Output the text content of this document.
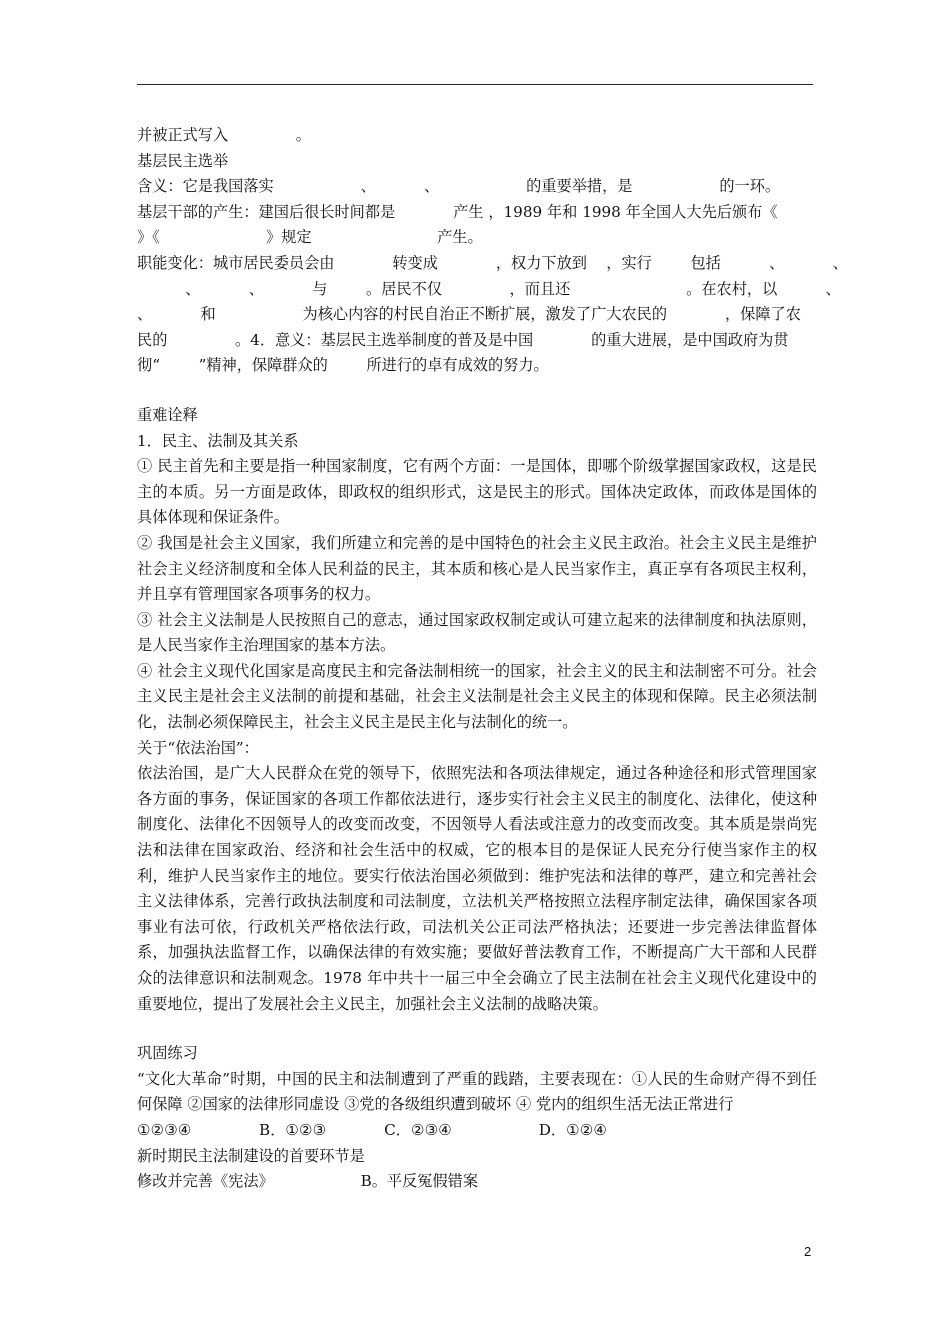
并被正式写入              。
基层民主选举
含义：它是我国落实                  、          、                  的重要举措，是                  的一环。
基层干部的产生：建国后很长时间都是            产生 ，1989 年和 1998 年全国人大先后颁布《
》《                      》规定                          产生。
职能变化：城市居民委员会由            转变成            ，权力下放到    ，实行        包括          、          、
、          、          与        。居民不仅              ，而且还                        。在农村，以          、
、          和                  为核心内容的村民自治正不断扩展，激发了广大农民的            ，保障了农
民的              。4．意义：基层民主选举制度的普及是中国            的重大进展，是中国政府为贯
彻“        ”精神，保障群众的        所进行的卓有成效的努力。
重难诠释
1．民主、法制及其关系
① 民主首先和主要是指一种国家制度，它有两个方面：一是国体，即哪个阶级掌握国家政权，这是民主的本质。另一方面是政体，即政权的组织形式，这是民主的形式。国体决定政体，而政体是国体的具体体现和保证条件。
② 我国是社会主义国家，我们所建立和完善的是中国特色的社会主义民主政治。社会主义民主是维护社会主义经济制度和全体人民利益的民主，其本质和核心是人民当家作主，真正享有各项民主权利，并且享有管理国家各项事务的权力。
③ 社会主义法制是人民按照自己的意志，通过国家政权制定或认可建立起来的法律制度和执法原则，是人民当家作主治理国家的基本方法。
④ 社会主义现代化国家是高度民主和完备法制相统一的国家，社会主义的民主和法制密不可分。社会主义民主是社会主义法制的前提和基础，社会主义法制是社会主义民主的体现和保障。民主必须法制化，法制必须保障民主，社会主义民主是民主化与法制化的统一。
关于“依法治国”：
依法治国，是广大人民群众在党的领导下，依照宪法和各项法律规定，通过各种途径和形式管理国家各方面的事务，保证国家的各项工作都依法进行，逐步实行社会主义民主的制度化、法律化，使这种制度化、法律化不因领导人的改变而改变，不因领导人看法或注意力的改变而改变。其本质是崇尚宪法和法律在国家政治、经济和社会生活中的权威，它的根本目的是保证人民充分行使当家作主的权利，维护人民当家作主的地位。要实行依法治国必须做到：维护宪法和法律的尊严，建立和完善社会主义法律体系，完善行政执法制度和司法制度，立法机关严格按照立法程序制定法律，确保国家各项事业有法可依，行政机关严格依法行政，司法机关公正司法严格执法；还要进一步完善法律监督体系，加强执法监督工作，以确保法律的有效实施；要做好普法教育工作，不断提高广大干部和人民群众的法律意识和法制观念。1978 年中共十一届三中全会确立了民主法制在社会主义现代化建设中的重要地位，提出了发展社会主义民主，加强社会主义法制的战略决策。
巩固练习
“文化大革命”时期，中国的民主和法制遭到了严重的践踏，主要表现在：①人民的生命财产得不到任何保障 ②国家的法律形同虚设 ③党的各级组织遭到破坏 ④ 党内的组织生活无法正常进行
①②③④              B．①②③            C．②③④                  D．①②④
新时期民主法制建设的首要环节是
修改并完善《宪法》                  B。平反冤假错案
2
